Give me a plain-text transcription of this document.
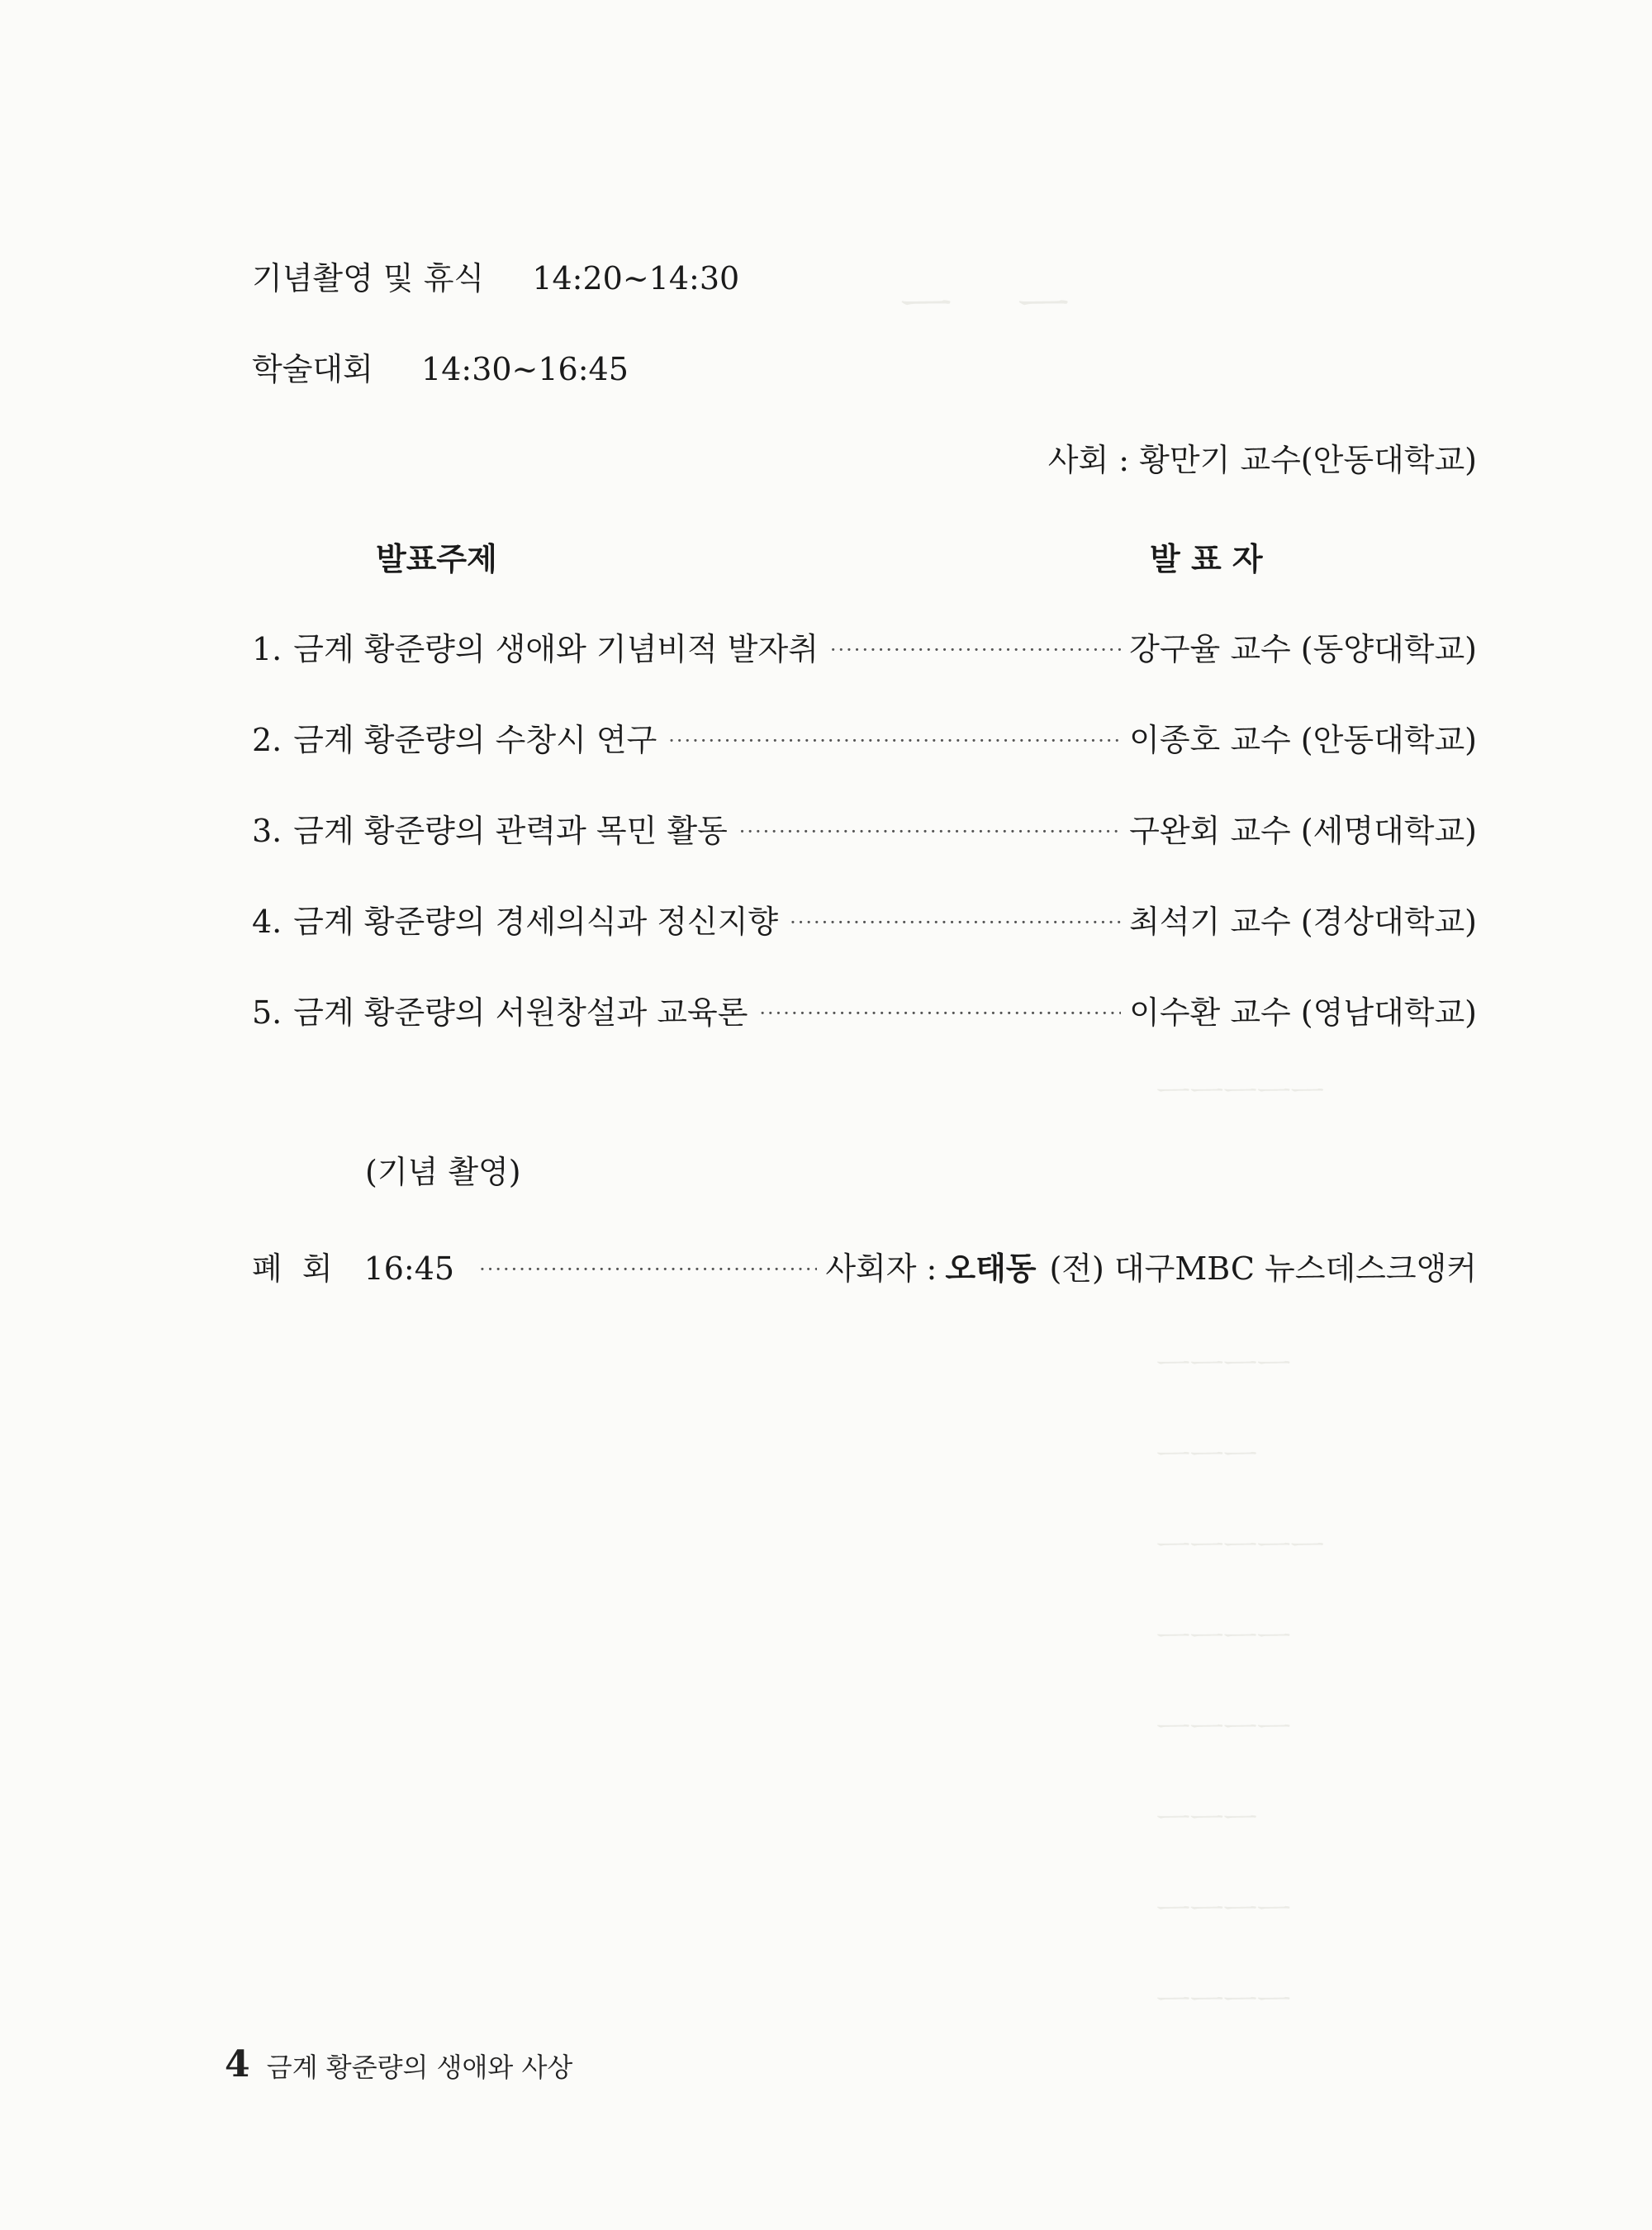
ㅡ ㅡ
ㅡㅡㅡㅡㅡ
ㅡㅡㅡㅡ
ㅡㅡㅡ
ㅡㅡㅡㅡㅡ
ㅡㅡㅡㅡ
ㅡㅡㅡㅡ
ㅡㅡㅡ
ㅡㅡㅡㅡ
ㅡㅡㅡㅡ
기념촬영 및 휴식 14:20~14:30
학술대회 14:30~16:45
사회 : 황만기 교수(안동대학교)
발표주제	발 표 자
1. 금계 황준량의 생애와 기념비적 발자취 ·····	강구율 교수 (동양대학교)
2. 금계 황준량의 수창시 연구 ·····	이종호 교수 (안동대학교)
3. 금계 황준량의 관력과 목민 활동 ·····	구완회 교수 (세명대학교)
4. 금계 황준량의 경세의식과 정신지향 ·····	최석기 교수 (경상대학교)
5. 금계 황준량의 서원창설과 교육론 ·····	이수환 교수 (영남대학교)
(기념 촬영)
폐  회 16:45 ·····	사회자 : 오태동 (전) 대구MBC 뉴스데스크앵커
4 금계 황준량의 생애와 사상
